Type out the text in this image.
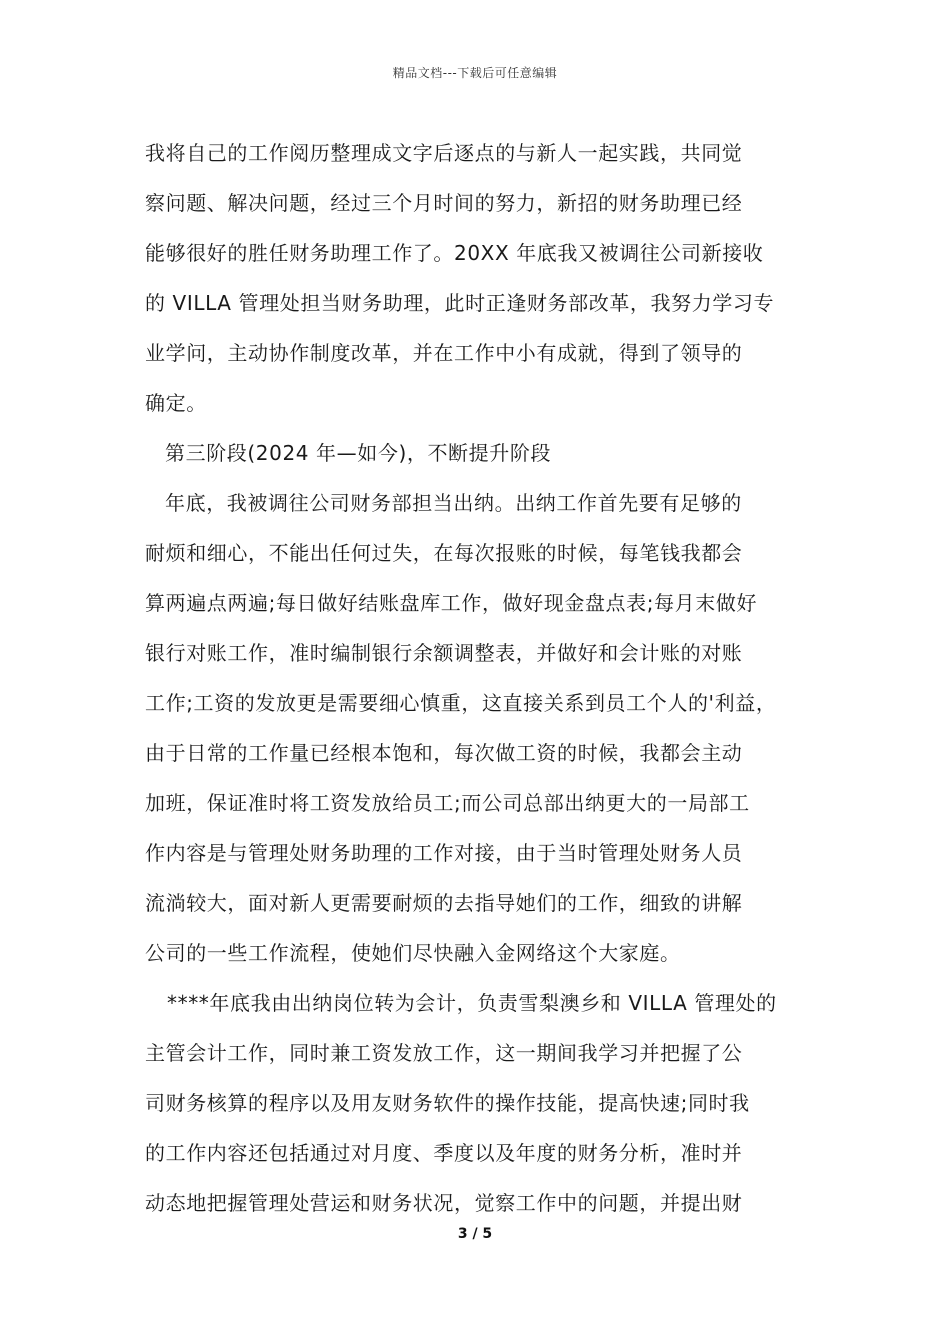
精品文档---下载后可任意编辑
我将自己的工作阅历整理成文字后逐点的与新人一起实践，共同觉
察问题、解决问题，经过三个月时间的努力，新招的财务助理已经
能够很好的胜任财务助理工作了。20XX 年底我又被调往公司新接收
的 VILLA 管理处担当财务助理，此时正逢财务部改革，我努力学习专
业学问，主动协作制度改革，并在工作中小有成就，得到了领导的
确定。
第三阶段(2024 年—如今)，不断提升阶段
年底，我被调往公司财务部担当出纳。出纳工作首先要有足够的
耐烦和细心，不能出任何过失，在每次报账的时候，每笔钱我都会
算两遍点两遍;每日做好结账盘库工作，做好现金盘点表;每月末做好
银行对账工作，准时编制银行余额调整表，并做好和会计账的对账
工作;工资的发放更是需要细心慎重，这直接关系到员工个人的'利益，
由于日常的工作量已经根本饱和，每次做工资的时候，我都会主动
加班，保证准时将工资发放给员工;而公司总部出纳更大的一局部工
作内容是与管理处财务助理的工作对接，由于当时管理处财务人员
流淌较大，面对新人更需要耐烦的去指导她们的工作，细致的讲解
公司的一些工作流程，使她们尽快融入金网络这个大家庭。
****年底我由出纳岗位转为会计，负责雪梨澳乡和 VILLA 管理处的
主管会计工作，同时兼工资发放工作，这一期间我学习并把握了公
司财务核算的程序以及用友财务软件的操作技能，提高快速;同时我
的工作内容还包括通过对月度、季度以及年度的财务分析，准时并
动态地把握管理处营运和财务状况，觉察工作中的问题，并提出财
3 / 5
